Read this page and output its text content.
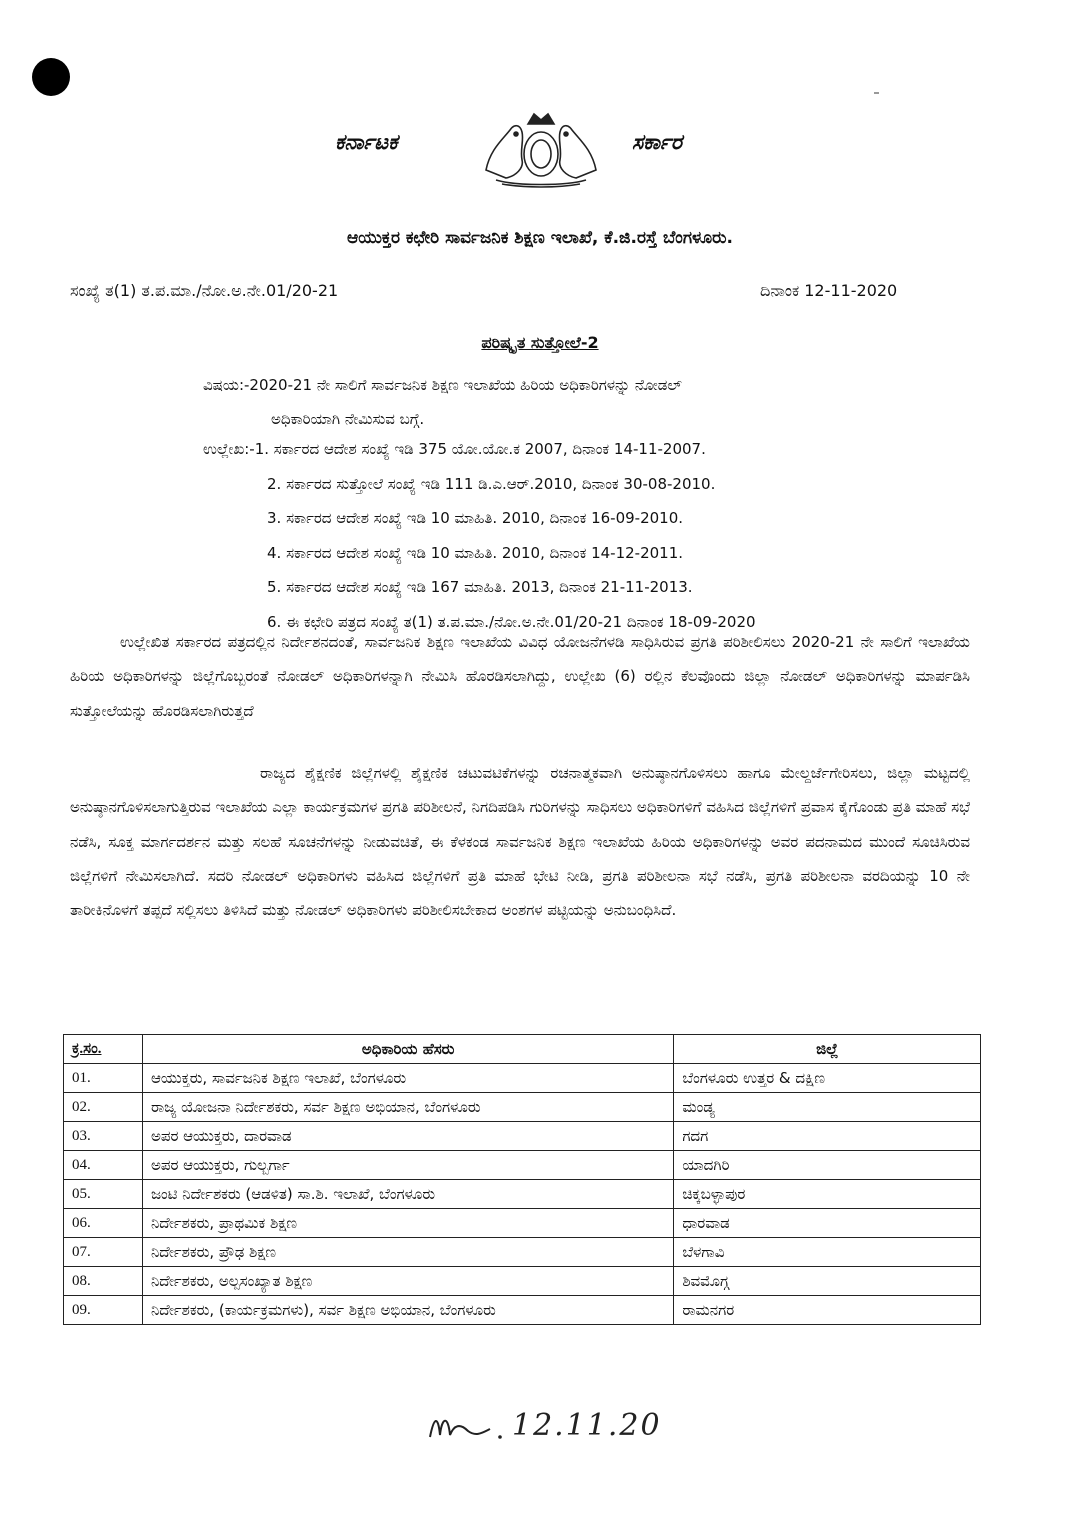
ಕರ್ನಾಟಕ	ಸರ್ಕಾರ
ಆಯುಕ್ತರ ಕಛೇರಿ ಸಾರ್ವಜನಿಕ ಶಿಕ್ಷಣ ಇಲಾಖೆ, ಕೆ.ಜಿ.ರಸ್ತೆ ಬೆಂಗಳೂರು.
ಸಂಖ್ಯೆ ತ(1) ತ.ಪ.ಮಾ./ನೋ.ಅ.ನೇ.01/20-21	ದಿನಾಂಕ 12-11-2020
ಪರಿಷ್ಕೃತ ಸುತ್ತೋಲೆ-2
ವಿಷಯ:-2020-21 ನೇ ಸಾಲಿಗೆ ಸಾರ್ವಜನಿಕ ಶಿಕ್ಷಣ ಇಲಾಖೆಯ ಹಿರಿಯ ಅಧಿಕಾರಿಗಳನ್ನು ನೋಡಲ್
ಅಧಿಕಾರಿಯಾಗಿ ನೇಮಿಸುವ ಬಗ್ಗೆ.
ಉಲ್ಲೇಖ:-1. ಸರ್ಕಾರದ ಆದೇಶ ಸಂಖ್ಯೆ ಇಡಿ 375 ಯೋ.ಯೋ.ಕ 2007, ದಿನಾಂಕ 14-11-2007.
2. ಸರ್ಕಾರದ ಸುತ್ತೋಲೆ ಸಂಖ್ಯೆ ಇಡಿ 111 ಡಿ.ಎ.ಆರ್.2010, ದಿನಾಂಕ 30-08-2010.
3. ಸರ್ಕಾರದ ಆದೇಶ ಸಂಖ್ಯೆ ಇಡಿ 10 ಮಾಹಿತಿ. 2010, ದಿನಾಂಕ 16-09-2010.
4. ಸರ್ಕಾರದ ಆದೇಶ ಸಂಖ್ಯೆ ಇಡಿ 10 ಮಾಹಿತಿ. 2010, ದಿನಾಂಕ 14-12-2011.
5. ಸರ್ಕಾರದ ಆದೇಶ ಸಂಖ್ಯೆ ಇಡಿ 167 ಮಾಹಿತಿ. 2013, ದಿನಾಂಕ 21-11-2013.
6. ಈ ಕಛೇರಿ ಪತ್ರದ ಸಂಖ್ಯೆ ತ(1) ತ.ಪ.ಮಾ./ನೋ.ಅ.ನೇ.01/20-21 ದಿನಾಂಕ 18-09-2020
ಉಲ್ಲೇಖಿತ ಸರ್ಕಾರದ ಪತ್ರದಲ್ಲಿನ ನಿರ್ದೇಶನದಂತೆ, ಸಾರ್ವಜನಿಕ ಶಿಕ್ಷಣ ಇಲಾಖೆಯ ವಿವಿಧ ಯೋಜನೆಗಳಡಿ ಸಾಧಿಸಿರುವ ಪ್ರಗತಿ ಪರಿಶೀಲಿಸಲು 2020-21 ನೇ ಸಾಲಿಗೆ ಇಲಾಖೆಯ ಹಿರಿಯ ಅಧಿಕಾರಿಗಳನ್ನು ಜಿಲ್ಲೆಗೊಬ್ಬರಂತೆ ನೋಡಲ್ ಅಧಿಕಾರಿಗಳನ್ನಾಗಿ ನೇಮಿಸಿ ಹೊರಡಿಸಲಾಗಿದ್ದು, ಉಲ್ಲೇಖ (6) ರಲ್ಲಿನ ಕೆಲವೊಂದು ಜಿಲ್ಲಾ ನೋಡಲ್ ಅಧಿಕಾರಿಗಳನ್ನು ಮಾರ್ಪಡಿಸಿ ಸುತ್ತೋಲೆಯನ್ನು ಹೊರಡಿಸಲಾಗಿರುತ್ತದೆ
ರಾಜ್ಯದ ಶೈಕ್ಷಣಿಕ ಜಿಲ್ಲೆಗಳಲ್ಲಿ ಶೈಕ್ಷಣಿಕ ಚಟುವಟಿಕೆಗಳನ್ನು ರಚನಾತ್ಮಕವಾಗಿ ಅನುಷ್ಠಾನಗೊಳಿಸಲು ಹಾಗೂ ಮೇಲ್ದರ್ಜೆಗೇರಿಸಲು, ಜಿಲ್ಲಾ ಮಟ್ಟದಲ್ಲಿ ಅನುಷ್ಠಾನಗೊಳಿಸಲಾಗುತ್ತಿರುವ ಇಲಾಖೆಯ ಎಲ್ಲಾ ಕಾರ್ಯಕ್ರಮಗಳ ಪ್ರಗತಿ ಪರಿಶೀಲನೆ, ನಿಗದಿಪಡಿಸಿ ಗುರಿಗಳನ್ನು ಸಾಧಿಸಲು ಅಧಿಕಾರಿಗಳಿಗೆ ವಹಿಸಿದ ಜಿಲ್ಲೆಗಳಿಗೆ ಪ್ರವಾಸ ಕೈಗೊಂಡು ಪ್ರತಿ ಮಾಹೆ ಸಭೆ ನಡೆಸಿ, ಸೂಕ್ತ ಮಾರ್ಗದರ್ಶನ ಮತ್ತು ಸಲಹೆ ಸೂಚನೆಗಳನ್ನು ನೀಡುವಚಿತೆ, ಈ ಕೆಳಕಂಡ ಸಾರ್ವಜನಿಕ ಶಿಕ್ಷಣ ಇಲಾಖೆಯ ಹಿರಿಯ ಅಧಿಕಾರಿಗಳನ್ನು ಅವರ ಪದನಾಮದ ಮುಂದೆ ಸೂಚಿಸಿರುವ ಜಿಲ್ಲೆಗಳಿಗೆ ನೇಮಿಸಲಾಗಿದೆ. ಸದರಿ ನೋಡಲ್ ಅಧಿಕಾರಿಗಳು ವಹಿಸಿದ ಜಿಲ್ಲೆಗಳಿಗೆ ಪ್ರತಿ ಮಾಹೆ ಭೇಟಿ ನೀಡಿ, ಪ್ರಗತಿ ಪರಿಶೀಲನಾ ಸಭೆ ನಡೆಸಿ, ಪ್ರಗತಿ ಪರಿಶೀಲನಾ ವರದಿಯನ್ನು 10 ನೇ ತಾರೀಕಿನೊಳಗೆ ತಪ್ಪದೆ ಸಲ್ಲಿಸಲು ತಿಳಿಸಿದೆ ಮತ್ತು ನೋಡಲ್ ಅಧಿಕಾರಿಗಳು ಪರಿಶೀಲಿಸಬೇಕಾದ ಅಂಶಗಳ ಪಟ್ಟಿಯನ್ನು ಅನುಬಂಧಿಸಿದೆ.
ಕ್ರ.ಸಂ.	ಅಧಿಕಾರಿಯ ಹೆಸರು	ಜಿಲ್ಲೆ
01.	ಆಯುಕ್ತರು, ಸಾರ್ವಜನಿಕ ಶಿಕ್ಷಣ ಇಲಾಖೆ, ಬೆಂಗಳೂರು	ಬೆಂಗಳೂರು ಉತ್ತರ & ದಕ್ಷಿಣ
02.	ರಾಜ್ಯ ಯೋಜನಾ ನಿರ್ದೇಶಕರು, ಸರ್ವ ಶಿಕ್ಷಣ ಅಭಿಯಾನ, ಬೆಂಗಳೂರು	ಮಂಡ್ಯ
03.	ಅಪರ ಆಯುಕ್ತರು, ದಾರವಾಡ	ಗದಗ
04.	ಅಪರ ಆಯುಕ್ತರು, ಗುಲ್ಬರ್ಗಾ	ಯಾದಗಿರಿ
05.	ಜಂಟಿ ನಿರ್ದೇಶಕರು (ಆಡಳಿತ) ಸಾ.ಶಿ. ಇಲಾಖೆ, ಬೆಂಗಳೂರು	ಚಿಕ್ಕಬಳ್ಳಾಪುರ
06.	ನಿರ್ದೇಶಕರು, ಪ್ರಾಥಮಿಕ ಶಿಕ್ಷಣ	ಧಾರವಾಡ
07.	ನಿರ್ದೇಶಕರು, ಪ್ರೌಢ ಶಿಕ್ಷಣ	ಬೆಳಗಾವಿ
08.	ನಿರ್ದೇಶಕರು, ಅಲ್ಪಸಂಖ್ಯಾತ ಶಿಕ್ಷಣ	ಶಿವಮೊಗ್ಗ
09.	ನಿರ್ದೇಶಕರು, (ಕಾರ್ಯಕ್ರಮಗಳು), ಸರ್ವ ಶಿಕ್ಷಣ ಅಭಿಯಾನ, ಬೆಂಗಳೂರು	ರಾಮನಗರ
12.11.20
